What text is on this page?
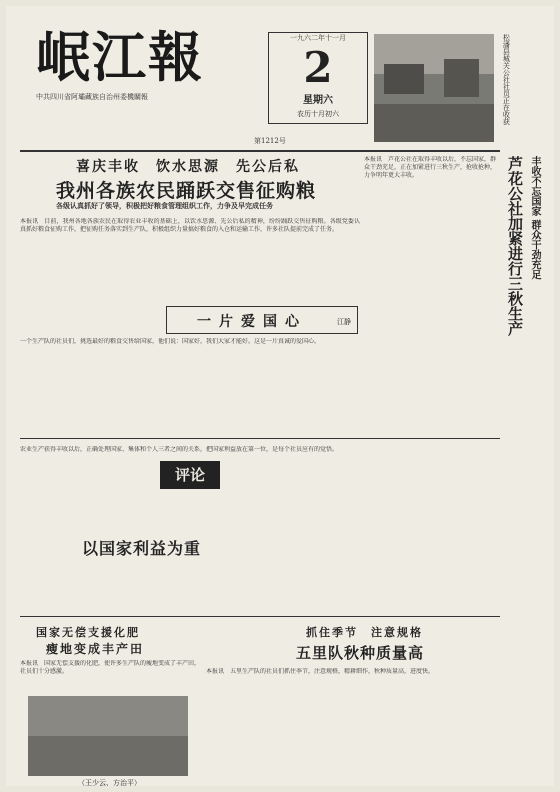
岷江報
中共四川省阿壩藏族自治州委機關報
一九六二年十一月
2
星期六
农历十月初六
第1212号
松潘县城关公社社员正在收获
喜庆丰收　饮水思源　先公后私
我州各族农民踊跃交售征购粮
各级认真抓好了领导，积极把好粮食管理组织工作，力争及早完成任务
本报讯　目前，我州各地各族农民在取得农业丰收的基础上，以饮水思源、先公后私的精神，纷纷踊跃交售征购粮。各级党委认真抓好粮食征购工作，把征购任务落实到生产队，积极组织力量搞好粮食的入仓和运输工作，许多社队提前完成了任务。
本报讯　芦花公社在取得丰收以后，不忘国家，群众干劲充足，正在加紧进行三秋生产，抢收抢种，力争明年更大丰收。	丰收不忘国家 群众干劲充足
芦花公社加紧进行三秋生产
一片爱国心	江静
一个生产队的社员们，挑选最好的粮食交售给国家，他们说：国家好，我们大家才能好。这是一片真诚的爱国心。
评论
以国家利益为重
农业生产获得丰收以后，正确处理国家、集体和个人三者之间的关系，把国家利益放在第一位，是每个社员应有的觉悟。
国家无偿支援化肥
瘦地变成丰产田
本报讯　国家无偿支援的化肥，使许多生产队的瘦地变成了丰产田，社员们十分感激。
（王少云、方治平）
抓住季节　注意规格
五里队秋种质量高
本报讯　五里生产队的社员们抓住季节，注意规格，精耕细作，秋种质量高，进度快。
